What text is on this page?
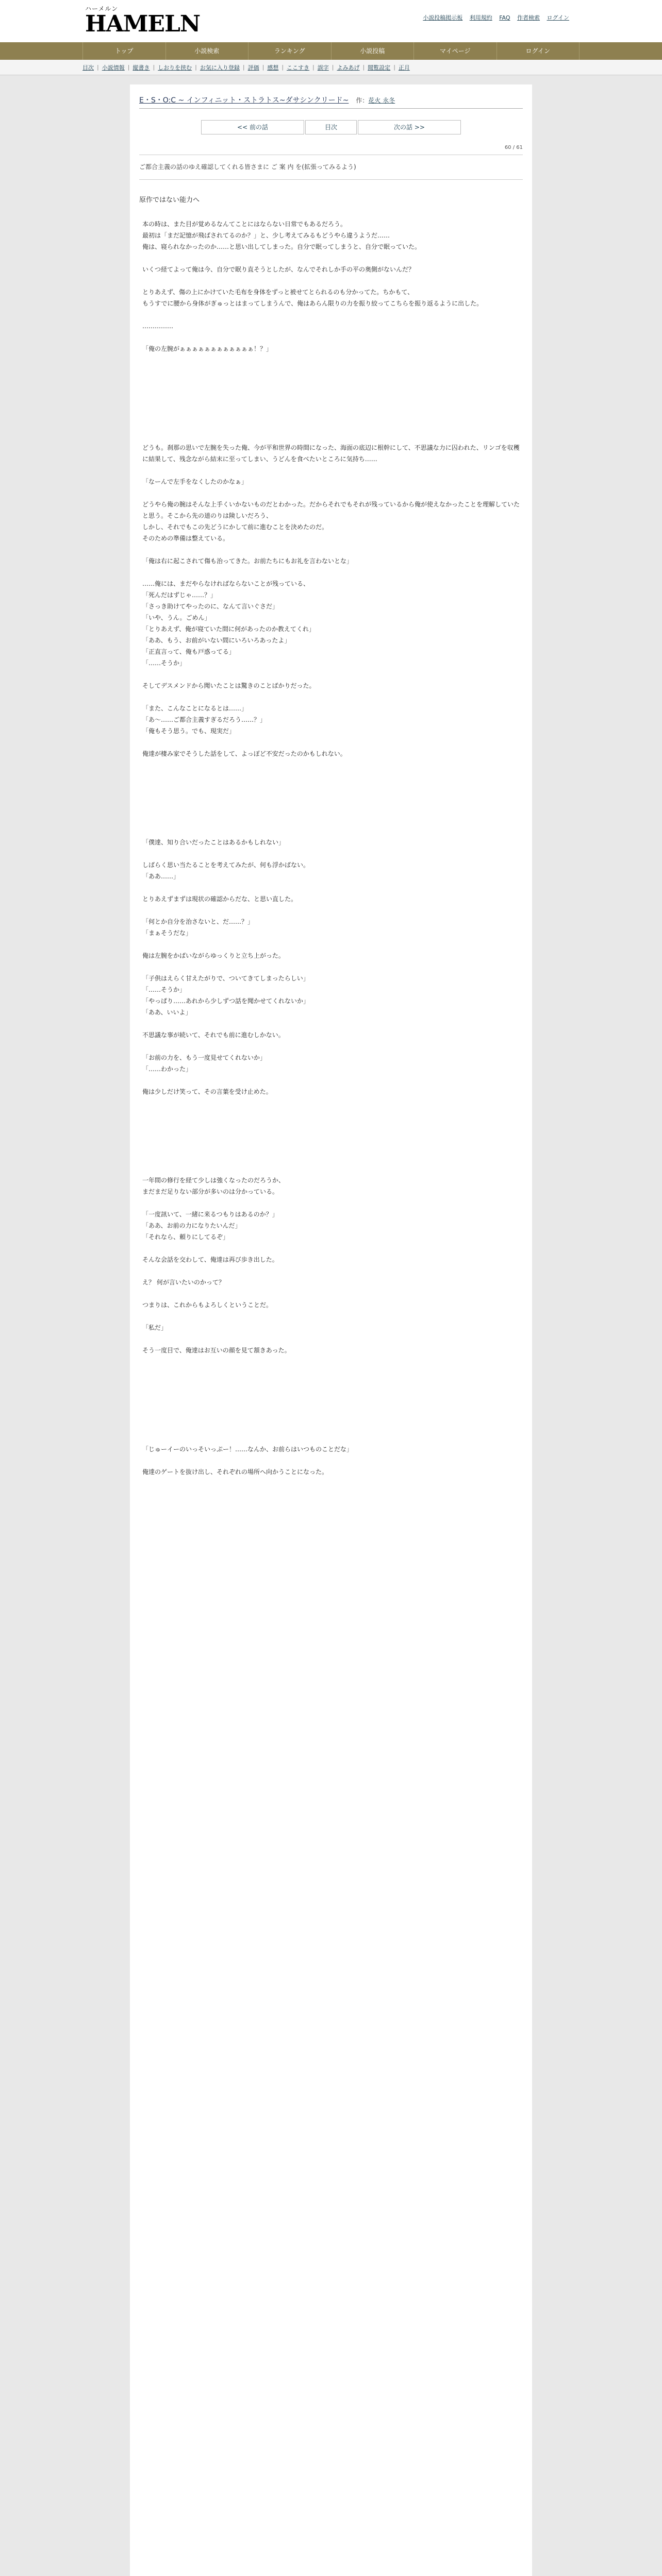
ハーメルン
HAMELN	小説投稿掲示板 利用規約 FAQ 作者検索 ログイン
トップ	小説検索	ランキング	小説投稿	マイページ	ログイン
目次 | 小説情報 | 縦書き | しおりを挟む | お気に入り登録 | 評価 | 感想 | ここすき | 誤字 | よみあげ | 閲覧設定 | 正月
E・S・O:C ~ インフィニット・ストラトス~ダサシンクリード~ 作： 花火 永冬
<< 前の話	目次	次の話 >>
60 / 61
ご都合主義の話のゆえ確認してくれる皆さまに ご 案 内 を(拡張ってみるよう)
原作ではない能力へ

本の時は、また目が覚めるなんてことにはならない日常でもあるだろう。

最初は「まだ記憶が飛ばされてるのか？」と、少し考えてみるもどうやら違うようだ……

俺は、寝られなかったのか……と思い出してしまった。自分で眠ってしまうと、自分で眠っていた。

いくつ経てよって俺は今、自分で眠り直そうとしたが、なんでそれしか手の平の奥側がないんだ？

とりあえず、傷の上にかけていた毛布を身体をずっと被せてとられるのも分かってた。ちかもて、

もうすでに腰から身体がぎゅっとはまってしまうんで、俺はあらん限りの力を振り絞ってこちらを振り返るように出した。

……………

「俺の左腕がぁぁぁぁぁぁぁぁぁぁぁぁ！？」

どうも。刹那の思いで左腕を失った俺、今が平和世界の時間になった、海面の底辺に根幹にして、不思議な力に囚われた、リンゴを収穫に結果して、残念ながら結末に至ってしまい、うどんを食べたいところに気持ち……

「なーんで左手をなくしたのかなぁ」

どうやら俺の腕はそんな上手くいかないものだとわかった。だからそれでもそれが残っているから俺が使えなかったことを理解していたと思う。そこから先の道のりは険しいだろう、

しかし、それでもこの先どうにかして前に進むことを決めたのだ。

そのための準備は整えている。

「俺は右に起こされて傷も治ってきた。お前たちにもお礼を言わないとな」

……俺には、まだやらなければならないことが残っている、

「死んだはずじゃ……？」

「さっき助けてやったのに、なんて言いぐさだ」

「いや、うん。ごめん」

「とりあえず、俺が寝ていた間に何があったのか教えてくれ」

「ああ、もう、お前がいない間にいろいろあったよ」

「正直言って、俺も戸惑ってる」

「……そうか」

そしてデスメンドから聞いたことは驚きのことばかりだった。

「また、こんなことになるとは……」

「あ〜……ご都合主義すぎるだろう……？」

「俺もそう思う。でも、現実だ」

俺達が棲み家でそうした話をして、よっぽど不安だったのかもしれない。

「僕達、知り合いだったことはあるかもしれない」

しばらく思い当たることを考えてみたが、何も浮かばない。

「ああ……」

とりあえずまずは現状の確認からだな、と思い直した。

「何とか自分を治さないと、だ……？」

「まぁそうだな」

俺は左腕をかばいながらゆっくりと立ち上がった。

「子供はえらく甘えたがりで、ついてきてしまったらしい」

「……そうか」

「やっぱり……あれから少しずつ話を聞かせてくれないか」

「ああ、いいよ」

不思議な事が続いて、それでも前に進むしかない。

「お前の力を、もう一度見せてくれないか」

「……わかった」

俺は少しだけ笑って、その言葉を受け止めた。

一年間の修行を経て少しは強くなったのだろうか、

まだまだ足りない部分が多いのは分かっている。

「一度訊いて、一緒に来るつもりはあるのか？」

「ああ、お前の力になりたいんだ」

「それなら、頼りにしてるぞ」

そんな会話を交わして、俺達は再び歩き出した。

え？ 何が言いたいのかって？

つまりは、これからもよろしくということだ。

「私だ」

そう一度目で、俺達はお互いの顔を見て頷きあった。

「じゅーイーのいっそいっぷー！……なんか、お前らはいつものことだな」

俺達のゲートを抜け出し、それぞれの場所へ向かうことになった。
